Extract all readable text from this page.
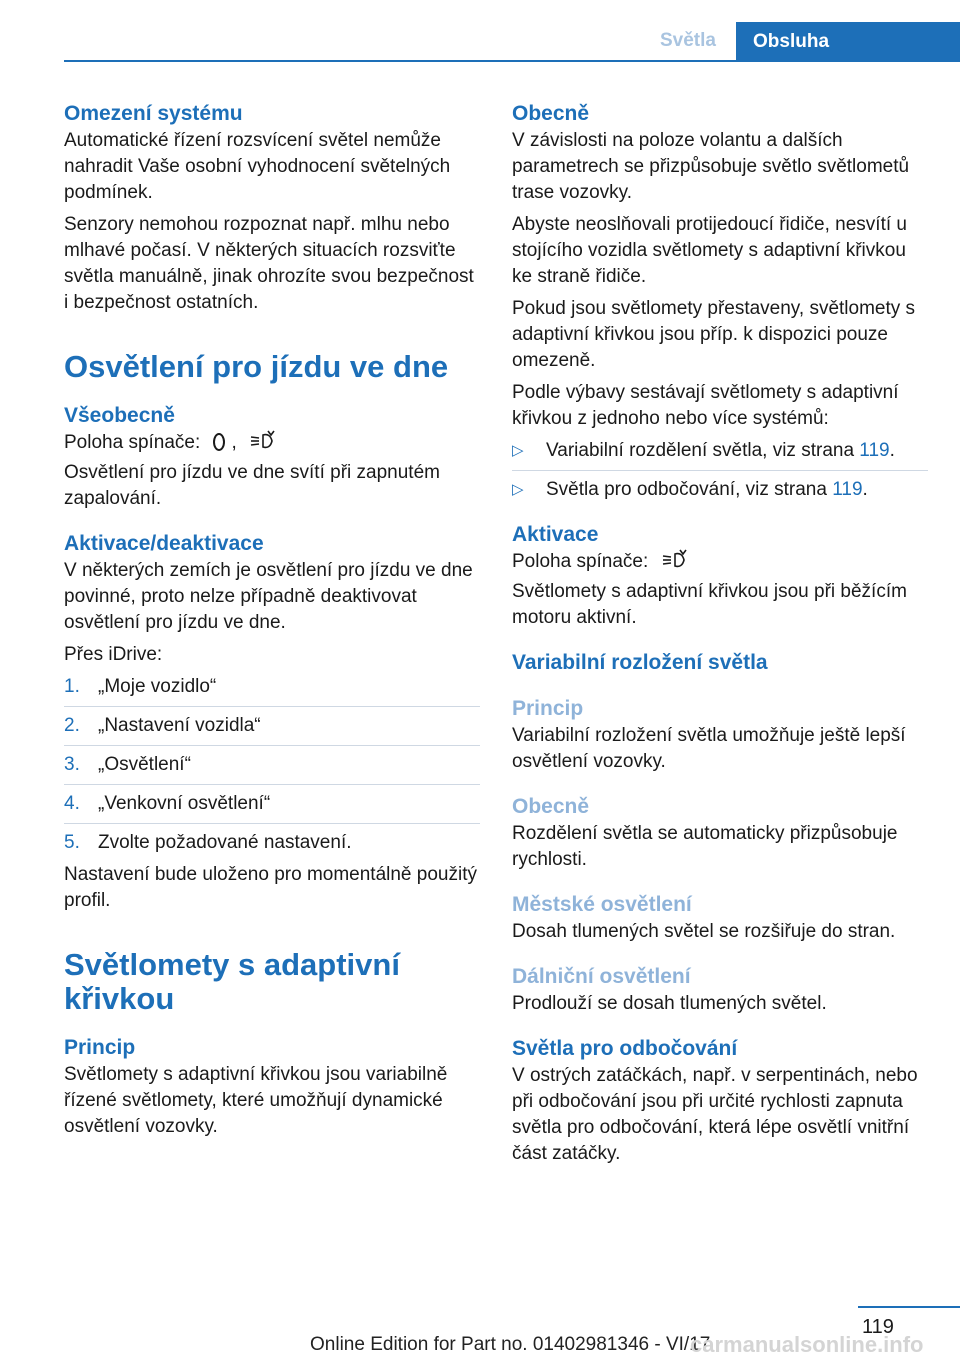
Světla	Obsluha
Omezení systému

Automatické řízení rozsvícení světel nemůže nahradit Vaše osobní vyhodnocení světelných podmínek.

Senzory nemohou rozpoznat např. mlhu nebo mlhavé počasí. V některých situacích rozsviťte světla manuálně, jinak ohrozíte svou bezpečnost i bezpečnost ostatních.

Osvětlení pro jízdu ve dne
Všeobecně

Poloha spínače: ,

Osvětlení pro jízdu ve dne svítí při zapnutém zapalování.

Aktivace/deaktivace

V některých zemích je osvětlení pro jízdu ve dne povinné, proto nelze případně deaktivovat osvětlení pro jízdu ve dne.

Přes iDrive:

1. „Moje vozidlo“
2. „Nastavení vozidla“
3. „Osvětlení“
4. „Venkovní osvětlení“
5. Zvolte požadované nastavení.

Nastavení bude uloženo pro momentálně použitý profil.

Světlomety s adaptivní křivkou
Princip

Světlomety s adaptivní křivkou jsou variabilně řízené světlomety, které umožňují dynamické osvětlení vozovky.

Obecně

V závislosti na poloze volantu a dalších parametrech se přizpůsobuje světlo světlometů trase vozovky.

Abyste neoslňovali protijedoucí řidiče, nesvítí u stojícího vozidla světlomety s adaptivní křivkou ke straně řidiče.

Pokud jsou světlomety přestaveny, světlomety s adaptivní křivkou jsou příp. k dispozici pouze omezeně.

Podle výbavy sestávají světlomety s adaptivní křivkou z jednoho nebo více systémů:

▷ Variabilní rozdělení světla, viz strana 119.
▷ Světla pro odbočování, viz strana 119.
Aktivace

Poloha spínače:

Světlomety s adaptivní křivkou jsou při běžícím motoru aktivní.

Variabilní rozložení světla
Princip

Variabilní rozložení světla umožňuje ještě lepší osvětlení vozovky.

Obecně

Rozdělení světla se automaticky přizpůsobuje rychlosti.

Městské osvětlení

Dosah tlumených světel se rozšiřuje do stran.

Dálniční osvětlení

Prodlouží se dosah tlumených světel.

Světla pro odbočování

V ostrých zatáčkách, např. v serpentinách, nebo při odbočování jsou při určité rychlosti zapnuta světla pro odbočování, která lépe osvětlí vnitřní část zatáčky.

119
Online Edition for Part no. 01402981346 - VI/17
carmanualsonline.info
